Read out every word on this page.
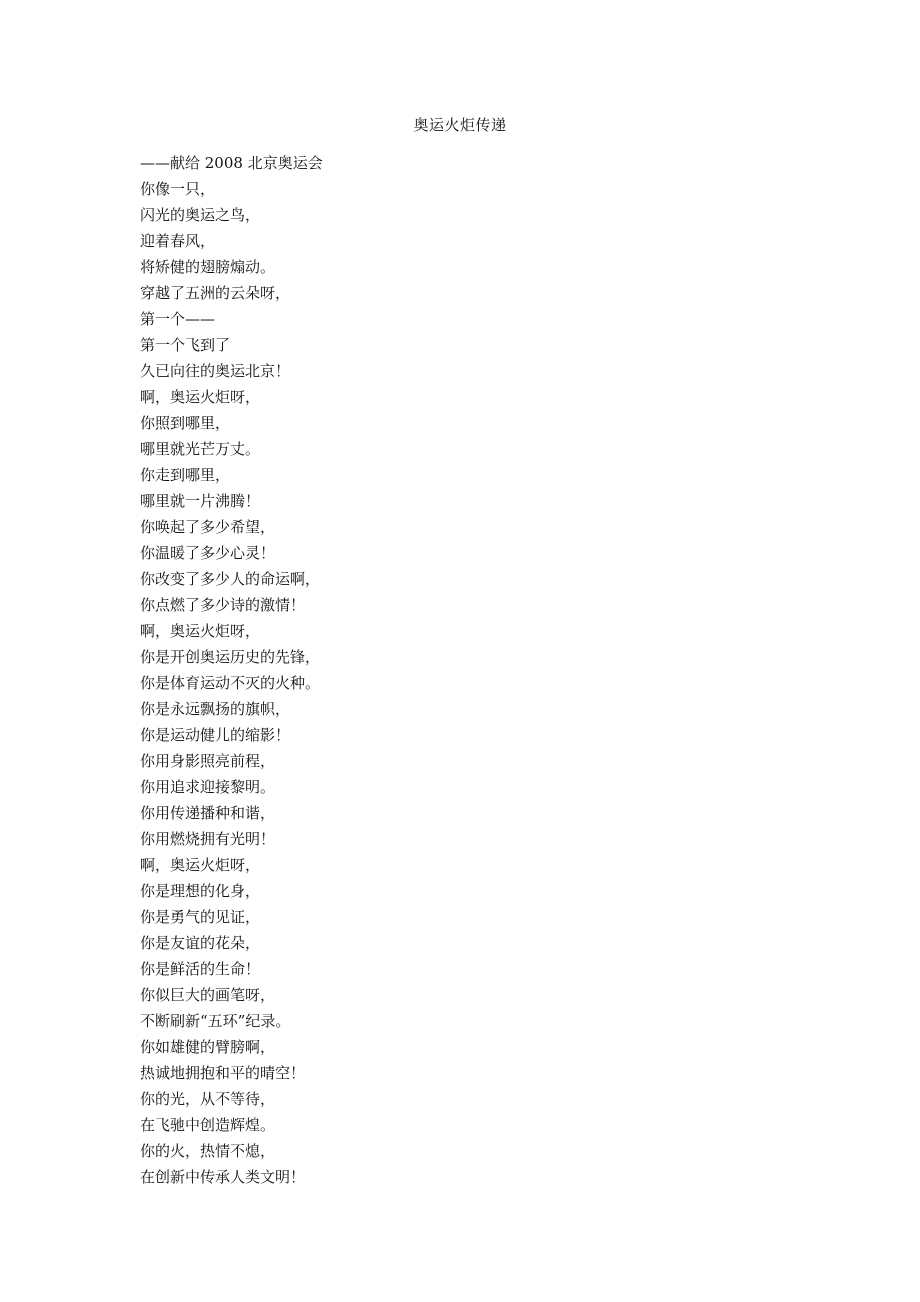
奥运火炬传递
——献给 2008 北京奥运会
你像一只，
闪光的奥运之鸟，
迎着春风，
将矫健的翅膀煽动。
穿越了五洲的云朵呀，
第一个——
第一个飞到了
久已向往的奥运北京！
啊，奥运火炬呀，
你照到哪里，
哪里就光芒万丈。
你走到哪里，
哪里就一片沸腾！
你唤起了多少希望，
你温暖了多少心灵！
你改变了多少人的命运啊，
你点燃了多少诗的激情！
啊，奥运火炬呀，
你是开创奥运历史的先锋，
你是体育运动不灭的火种。
你是永远飘扬的旗帜，
你是运动健儿的缩影！
你用身影照亮前程，
你用追求迎接黎明。
你用传递播种和谐，
你用燃烧拥有光明！
啊，奥运火炬呀，
你是理想的化身，
你是勇气的见证，
你是友谊的花朵，
你是鲜活的生命！
你似巨大的画笔呀，
不断刷新“五环”纪录。
你如雄健的臂膀啊，
热诚地拥抱和平的晴空！
你的光，从不等待，
在飞驰中创造辉煌。
你的火，热情不熄，
在创新中传承人类文明！
